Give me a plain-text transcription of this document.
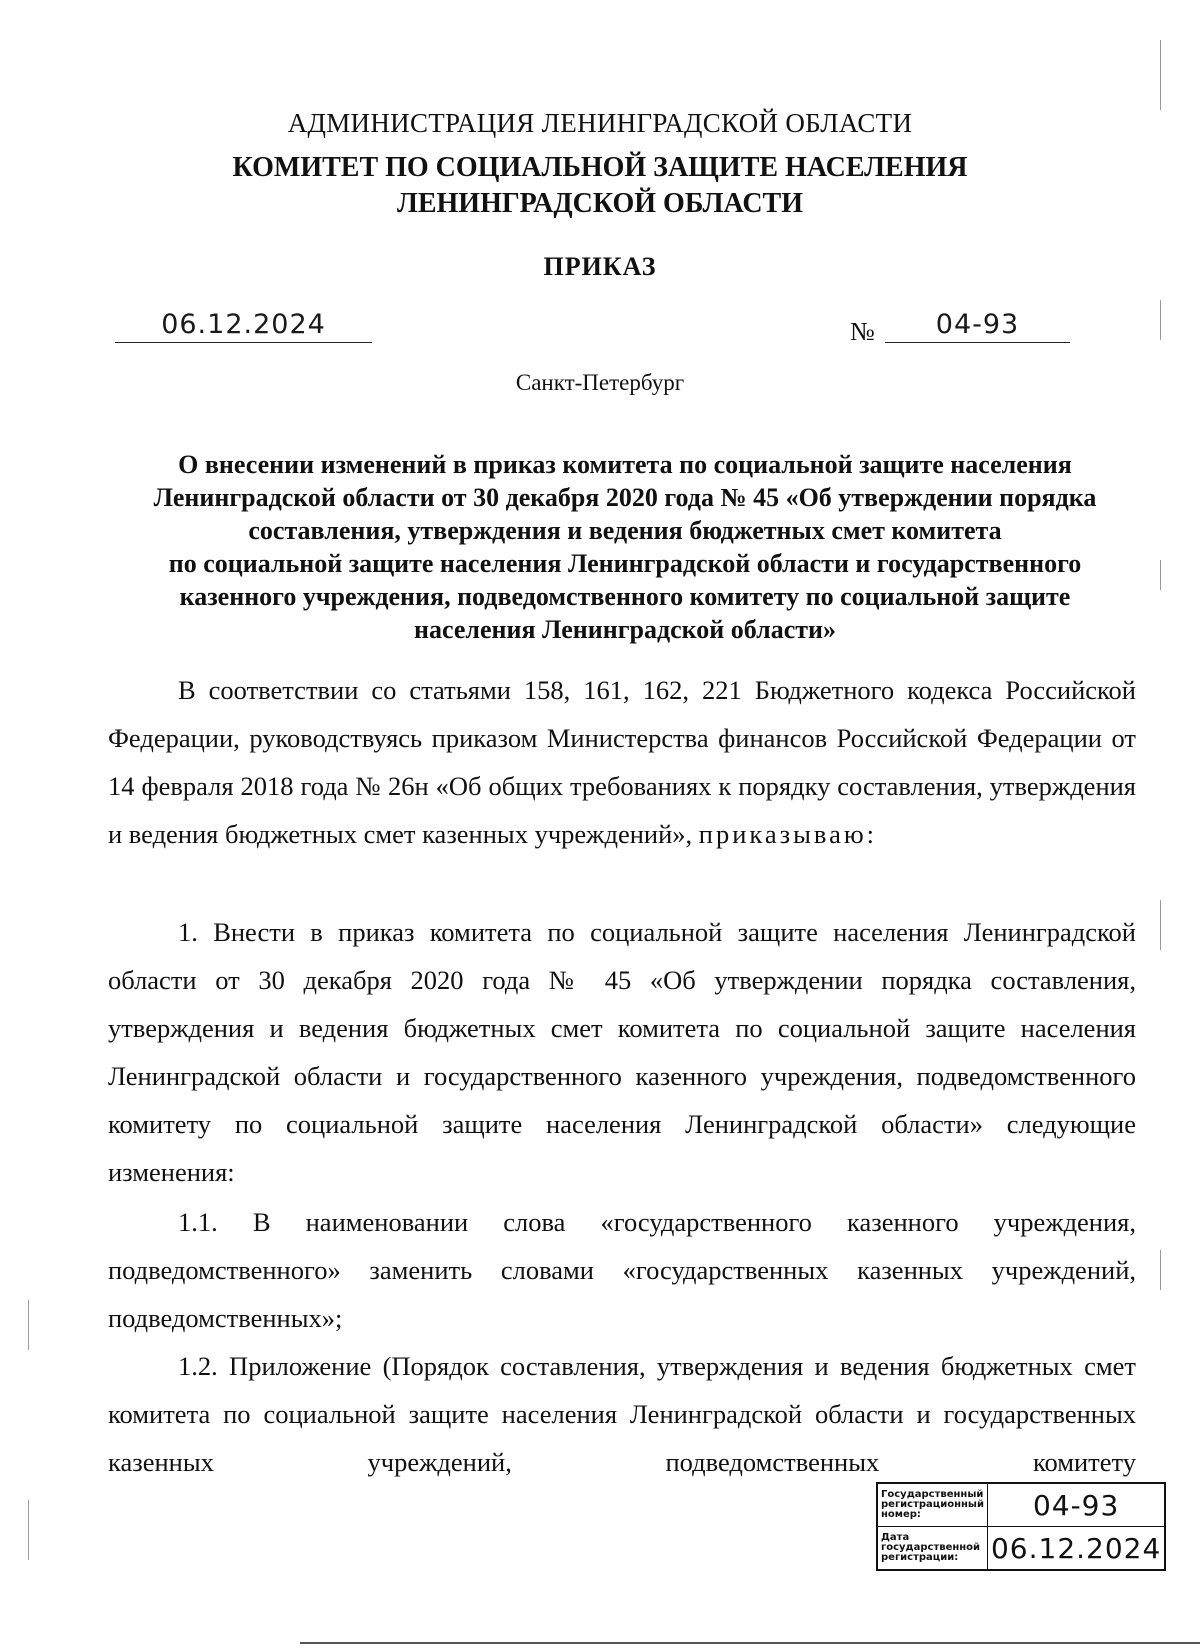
АДМИНИСТРАЦИЯ ЛЕНИНГРАДСКОЙ ОБЛАСТИ
КОМИТЕТ ПО СОЦИАЛЬНОЙ ЗАЩИТЕ НАСЕЛЕНИЯ
ЛЕНИНГРАДСКОЙ ОБЛАСТИ
ПРИКАЗ
06.12.2024	№	04-93
Санкт-Петербург
О внесении изменений в приказ комитета по социальной защите населения
Ленинградской области от 30 декабря 2020 года № 45 «Об утверждении порядка
составления, утверждения и ведения бюджетных смет комитета
по социальной защите населения Ленинградской области и государственного
казенного учреждения, подведомственного комитету по социальной защите
населения Ленинградской области»

В соответствии со статьями 158, 161, 162, 221 Бюджетного кодекса Российской Федерации, руководствуясь приказом Министерства финансов Российской Федерации от 14 февраля 2018 года № 26н «Об общих требованиях к порядку составления, утверждения и ведения бюджетных смет казенных учреждений», приказываю:

1. Внести в приказ комитета по социальной защите населения Ленинградской области от 30 декабря 2020 года № 45 «Об утверждении порядка составления, утверждения и ведения бюджетных смет комитета по социальной защите населения Ленинградской области и государственного казенного учреждения, подведомственного комитету по социальной защите населения Ленинградской области» следующие изменения:

1.1. В наименовании слова «государственного казенного учреждения, подведомственного» заменить словами «государственных казенных учреждений, подведомственных»;

1.2. Приложение (Порядок составления, утверждения и ведения бюджетных смет комитета по социальной защите населения Ленинградской области и государственных казенных учреждений, подведомственных комитету

Государственный регистрационный номер:	04-93
Дата государственной регистрации:	06.12.2024
